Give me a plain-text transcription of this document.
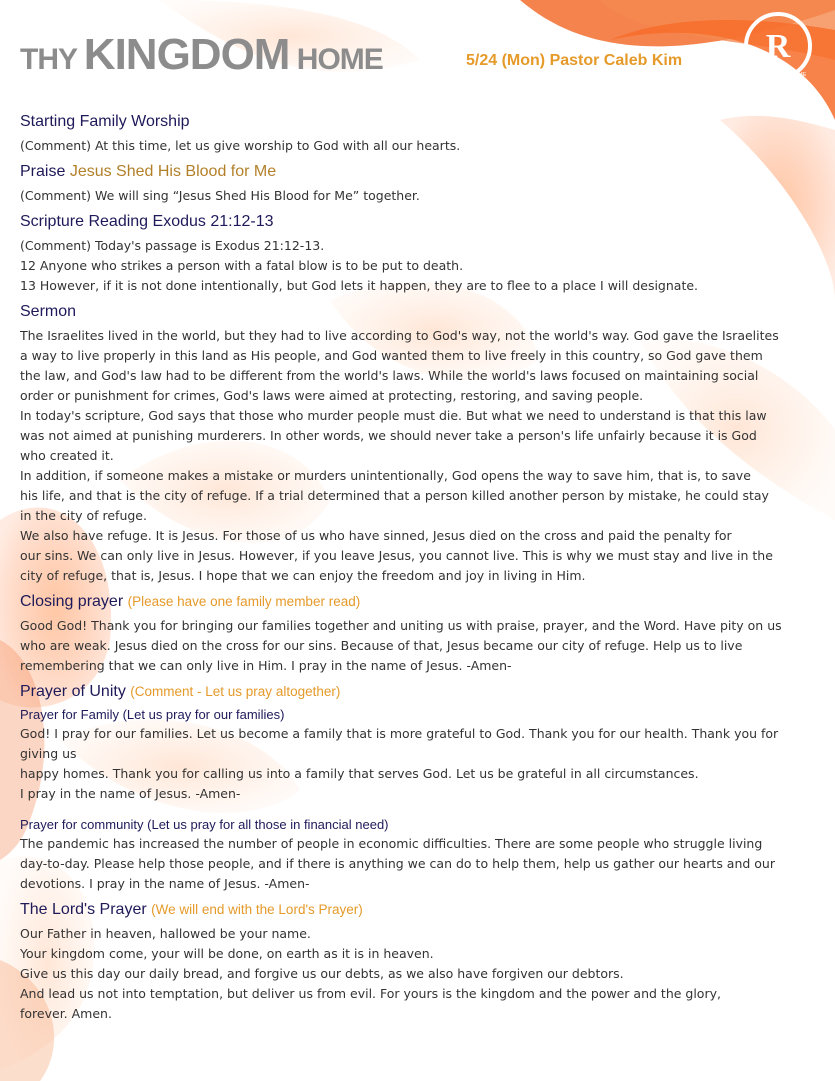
THY KINGDOM HOME	5/24 (Mon) Pastor Caleb Kim R
THY KINGDOM HOME
Starting Family Worship
(Comment) At this time, let us give worship to God with all our hearts.
Praise Jesus Shed His Blood for Me
(Comment) We will sing “Jesus Shed His Blood for Me” together.
Scripture Reading Exodus 21:12-13
(Comment) Today's passage is Exodus 21:12-13.
12 Anyone who strikes a person with a fatal blow is to be put to death.
13 However, if it is not done intentionally, but God lets it happen, they are to flee to a place I will designate.
Sermon
The Israelites lived in the world, but they had to live according to God's way, not the world's way. God gave the Israelites
a way to live properly in this land as His people, and God wanted them to live freely in this country, so God gave them
the law, and God's law had to be different from the world's laws. While the world's laws focused on maintaining social
order or punishment for crimes, God's laws were aimed at protecting, restoring, and saving people.
In today's scripture, God says that those who murder people must die. But what we need to understand is that this law
was not aimed at punishing murderers. In other words, we should never take a person's life unfairly because it is God
who created it.
In addition, if someone makes a mistake or murders unintentionally, God opens the way to save him, that is, to save
his life, and that is the city of refuge. If a trial determined that a person killed another person by mistake, he could stay
in the city of refuge.
We also have refuge. It is Jesus. For those of us who have sinned, Jesus died on the cross and paid the penalty for
our sins. We can only live in Jesus. However, if you leave Jesus, you cannot live. This is why we must stay and live in the
city of refuge, that is, Jesus. I hope that we can enjoy the freedom and joy in living in Him.
Closing prayer (Please have one family member read)
Good God! Thank you for bringing our families together and uniting us with praise, prayer, and the Word. Have pity on us
who are weak. Jesus died on the cross for our sins. Because of that, Jesus became our city of refuge. Help us to live
remembering that we can only live in Him. I pray in the name of Jesus. -Amen-
Prayer of Unity (Comment - Let us pray altogether)
Prayer for Family (Let us pray for our families)
God! I pray for our families. Let us become a family that is more grateful to God. Thank you for our health. Thank you for giving us
happy homes. Thank you for calling us into a family that serves God. Let us be grateful in all circumstances.
I pray in the name of Jesus. -Amen-
Prayer for community (Let us pray for all those in financial need)
The pandemic has increased the number of people in economic difficulties. There are some people who struggle living
day-to-day. Please help those people, and if there is anything we can do to help them, help us gather our hearts and our
devotions. I pray in the name of Jesus. -Amen-
The Lord's Prayer (We will end with the Lord's Prayer)
Our Father in heaven, hallowed be your name.
Your kingdom come, your will be done, on earth as it is in heaven.
Give us this day our daily bread, and forgive us our debts, as we also have forgiven our debtors.
And lead us not into temptation, but deliver us from evil. For yours is the kingdom and the power and the glory,
forever. Amen.
